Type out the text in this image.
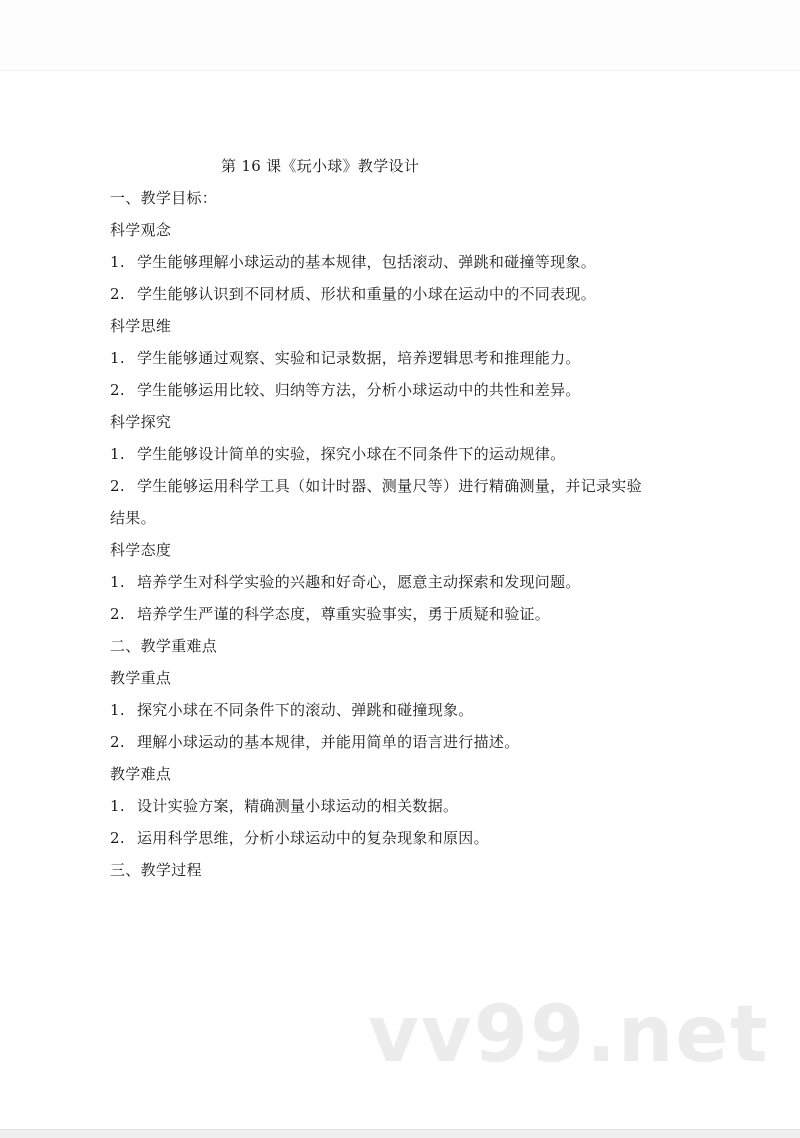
第 16 课《玩小球》教学设计
一、教学目标：
科学观念
1. 学生能够理解小球运动的基本规律，包括滚动、弹跳和碰撞等现象。
2. 学生能够认识到不同材质、形状和重量的小球在运动中的不同表现。
科学思维
1. 学生能够通过观察、实验和记录数据，培养逻辑思考和推理能力。
2. 学生能够运用比较、归纳等方法，分析小球运动中的共性和差异。
科学探究
1. 学生能够设计简单的实验，探究小球在不同条件下的运动规律。
2. 学生能够运用科学工具（如计时器、测量尺等）进行精确测量，并记录实验
结果。
科学态度
1. 培养学生对科学实验的兴趣和好奇心，愿意主动探索和发现问题。
2. 培养学生严谨的科学态度，尊重实验事实，勇于质疑和验证。
二、教学重难点
教学重点
1. 探究小球在不同条件下的滚动、弹跳和碰撞现象。
2. 理解小球运动的基本规律，并能用简单的语言进行描述。
教学难点
1. 设计实验方案，精确测量小球运动的相关数据。
2. 运用科学思维，分析小球运动中的复杂现象和原因。
三、教学过程
vv99.net
